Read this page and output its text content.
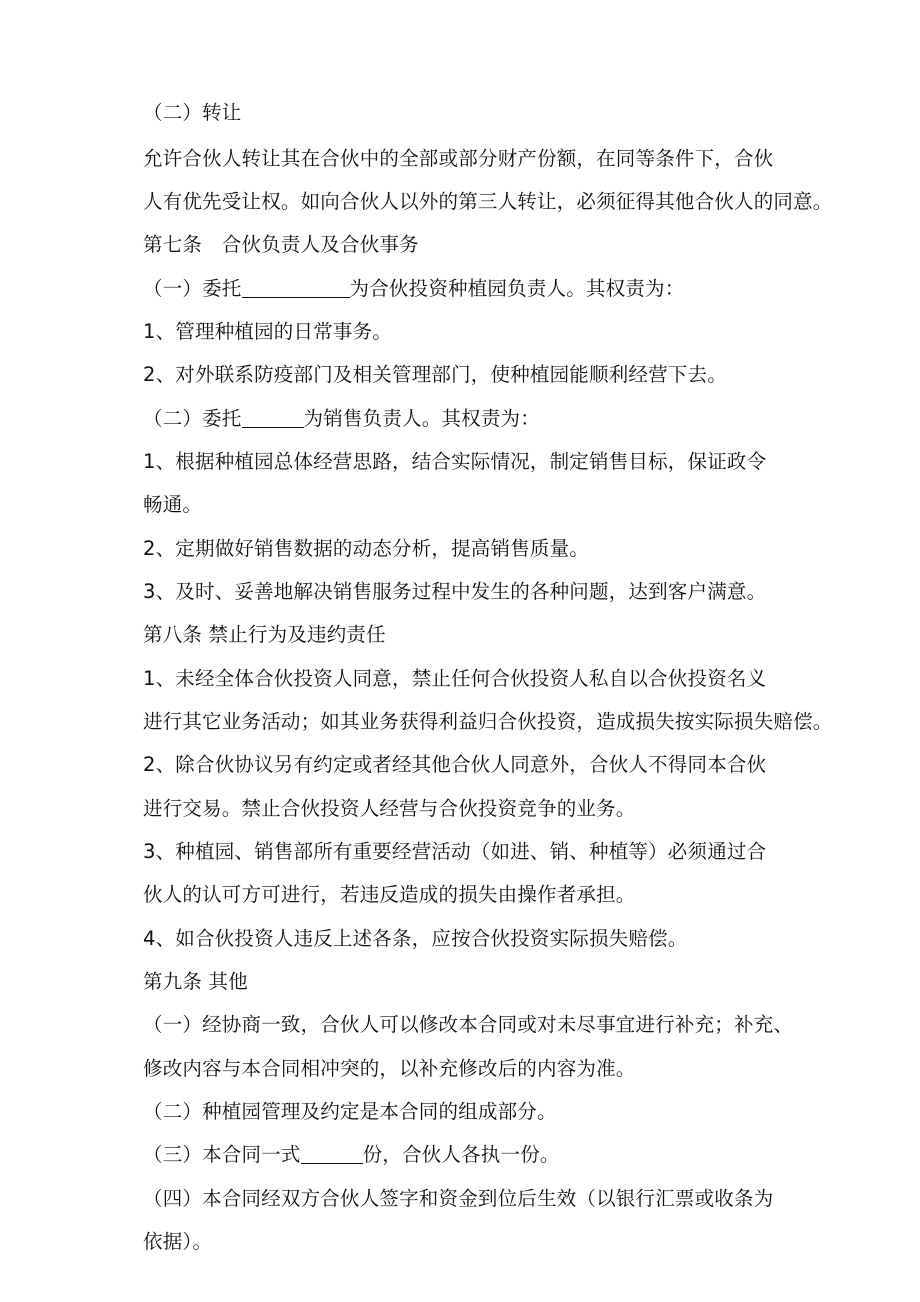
（二）转让
允许合伙人转让其在合伙中的全部或部分财产份额，在同等条件下，合伙
人有优先受让权。如向合伙人以外的第三人转让，必须征得其他合伙人的同意。
第七条　合伙负责人及合伙事务
（一）委托	为合伙投资种植园负责人。其权责为：
1、管理种植园的日常事务。
2、对外联系防疫部门及相关管理部门，使种植园能顺利经营下去。
（二）委托	为销售负责人。其权责为：
1、根据种植园总体经营思路，结合实际情况，制定销售目标，保证政令
畅通。
2、定期做好销售数据的动态分析，提高销售质量。
3、及时、妥善地解决销售服务过程中发生的各种问题，达到客户满意。
第八条 禁止行为及违约责任
1、未经全体合伙投资人同意，禁止任何合伙投资人私自以合伙投资名义
进行其它业务活动；如其业务获得利益归合伙投资，造成损失按实际损失赔偿。
2、除合伙协议另有约定或者经其他合伙人同意外，合伙人不得同本合伙
进行交易。禁止合伙投资人经营与合伙投资竞争的业务。
3、种植园、销售部所有重要经营活动（如进、销、种植等）必须通过合
伙人的认可方可进行，若违反造成的损失由操作者承担。
4、如合伙投资人违反上述各条，应按合伙投资实际损失赔偿。
第九条 其他
（一）经协商一致，合伙人可以修改本合同或对未尽事宜进行补充；补充、
修改内容与本合同相冲突的，以补充修改后的内容为准。
（二）种植园管理及约定是本合同的组成部分。
（三）本合同一式	份，合伙人各执一份。
（四）本合同经双方合伙人签字和资金到位后生效（以银行汇票或收条为
依据）。
